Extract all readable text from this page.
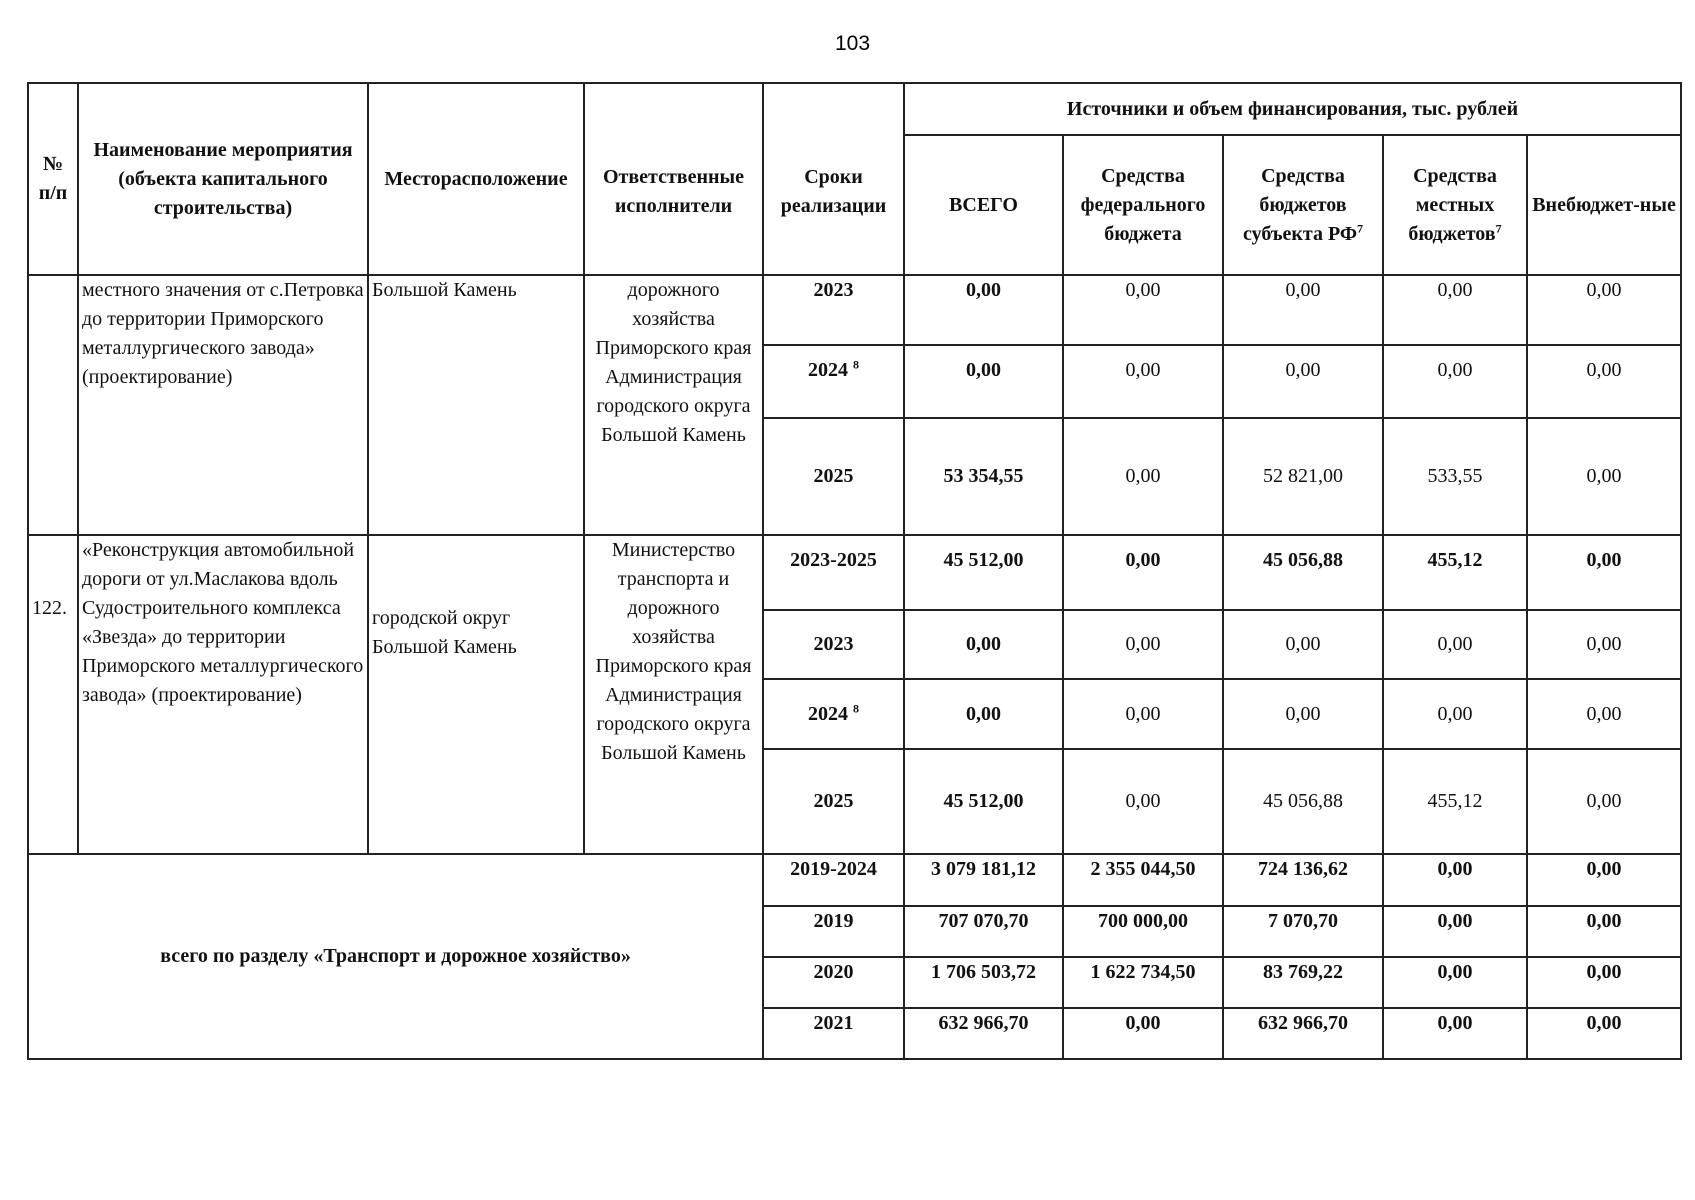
103
№ п/п	Наименование мероприятия (объекта капитального строительства)	Месторасположение	Ответственные исполнители	Сроки реализации	Источники и объем финансирования, тыс. рублей				
					ВСЕГО	Средства федерального бюджета	Средства бюджетов субъекта $РФ^7$	Средства местных бюджетов$^7$	Внебюджет-ные
	местного значения от с.Петровка до территории Приморского металлургического завода» (проектирование)	Большой Камень	дорожного хозяйства Приморского края Администрация городского округа Большой Камень	2023	0,00	0,00	0,00	0,00	0,00
				2024 $^8$	0,00	0,00	0,00	0,00	0,00
				2025	53 354,55	0,00	52 821,00	533,55	0,00
122.	«Реконструкция автомобильной дороги от ул.Маслакова вдоль Судостроительного комплекса «Звезда» до территории Приморского металлургического завода» (проектирование)	городской округ Большой Камень	Министерство транспорта и дорожного хозяйства Приморского края Администрация городского округа Большой Камень	2023-2025	45 512,00	0,00	45 056,88	455,12	0,00
				2023	0,00	0,00	0,00	0,00	0,00
				2024 $^8$	0,00	0,00	0,00	0,00	0,00
				2025	45 512,00	0,00	45 056,88	455,12	0,00
всего по разделу «Транспорт и дорожное хозяйство»				2019-2024	3 079 181,12	2 355 044,50	724 136,62	0,00	0,00
				2019	707 070,70	700 000,00	7 070,70	0,00	0,00
				2020	1 706 503,72	1 622 734,50	83 769,22	0,00	0,00
				2021	632 966,70	0,00	632 966,70	0,00	0,00
